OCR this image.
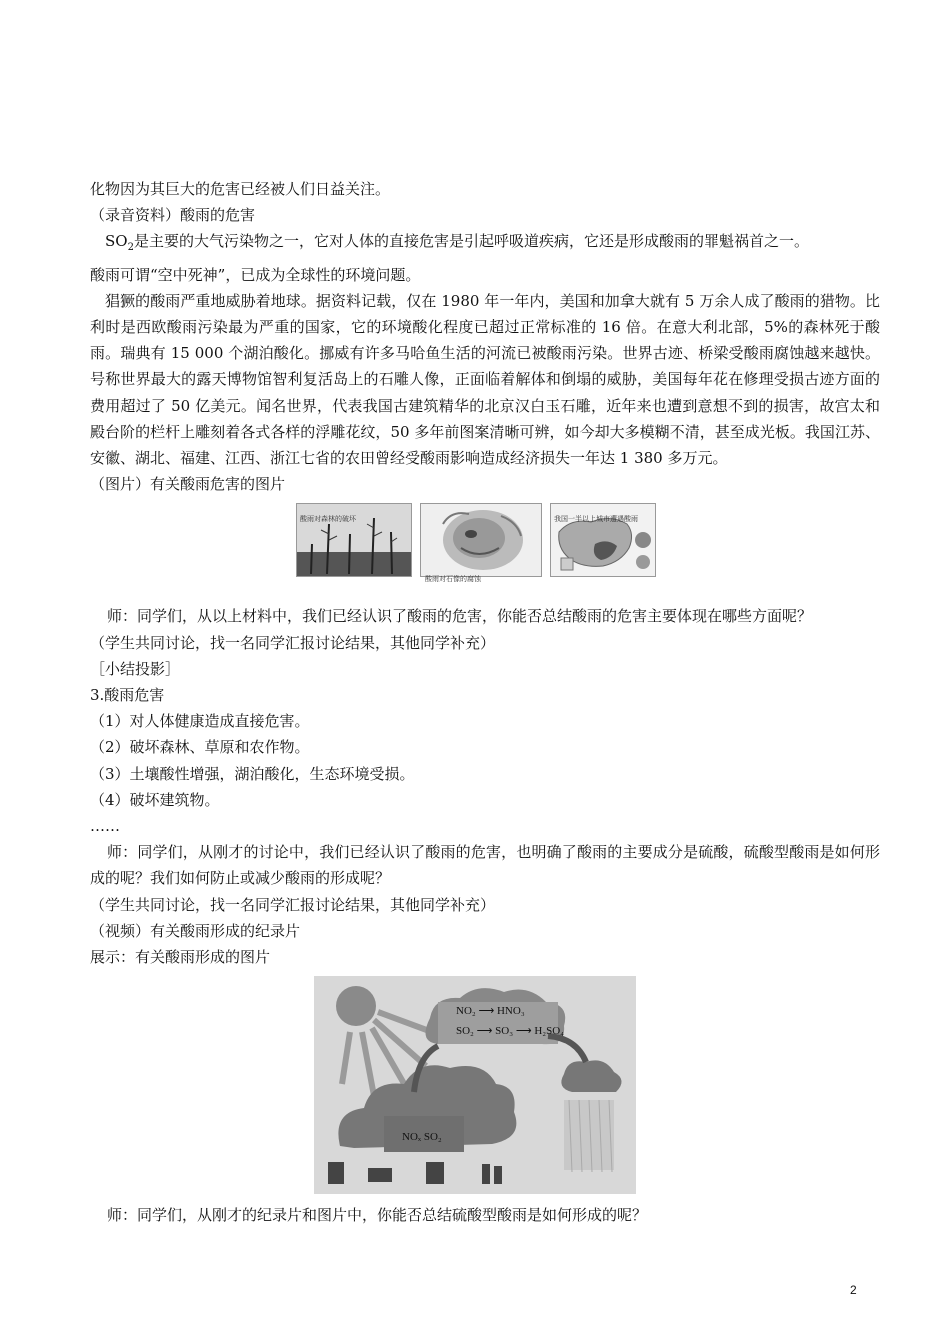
化物因为其巨大的危害已经被人们日益关注。

（录音资料）酸雨的危害

$SO_2$是主要的大气污染物之一，它对人体的直接危害是引起呼吸道疾病，它还是形成酸雨的罪魁祸首之一。

酸雨可谓“空中死神”，已成为全球性的环境问题。

猖獗的酸雨严重地威胁着地球。据资料记载，仅在 1980 年一年内，美国和加拿大就有 5 万余人成了酸雨的猎物。比利时是西欧酸雨污染最为严重的国家，它的环境酸化程度已超过正常标准的 16 倍。在意大利北部，5%的森林死于酸雨。瑞典有 15 000 个湖泊酸化。挪威有许多马哈鱼生活的河流已被酸雨污染。世界古迹、桥梁受酸雨腐蚀越来越快。号称世界最大的露天博物馆智利复活岛上的石雕人像，正面临着解体和倒塌的威胁，美国每年花在修理受损古迹方面的费用超过了 50 亿美元。闻名世界，代表我国古建筑精华的北京汉白玉石雕，近年来也遭到意想不到的损害，故宫太和殿台阶的栏杆上雕刻着各式各样的浮雕花纹，50 多年前图案清晰可辨，如今却大多模糊不清，甚至成光板。我国江苏、安徽、湖北、福建、江西、浙江七省的农田曾经受酸雨影响造成经济损失一年达 1 380 多万元。

（图片）有关酸雨危害的图片

酸雨对森林的破坏
酸雨对石像的腐蚀
我国一半以上城市遭遇酸雨

师：同学们，从以上材料中，我们已经认识了酸雨的危害，你能否总结酸雨的危害主要体现在哪些方面呢？

（学生共同讨论，找一名同学汇报讨论结果，其他同学补充）

［小结投影］

3.酸雨危害

（1）对人体健康造成直接危害。

（2）破坏森林、草原和农作物。

（3）土壤酸性增强，湖泊酸化，生态环境受损。

（4）破坏建筑物。

……

师：同学们，从刚才的讨论中，我们已经认识了酸雨的危害，也明确了酸雨的主要成分是硫酸，硫酸型酸雨是如何形成的呢？我们如何防止或减少酸雨的形成呢？

（学生共同讨论，找一名同学汇报讨论结果，其他同学补充）

（视频）有关酸雨形成的纪录片

展示：有关酸雨形成的图片

NO₂ ⟶ HNO₃
SO₂ ⟶ SO₃ ⟶ H₂SO₄
NOₓ SO₂

师：同学们，从刚才的纪录片和图片中，你能否总结硫酸型酸雨是如何形成的呢？

2
